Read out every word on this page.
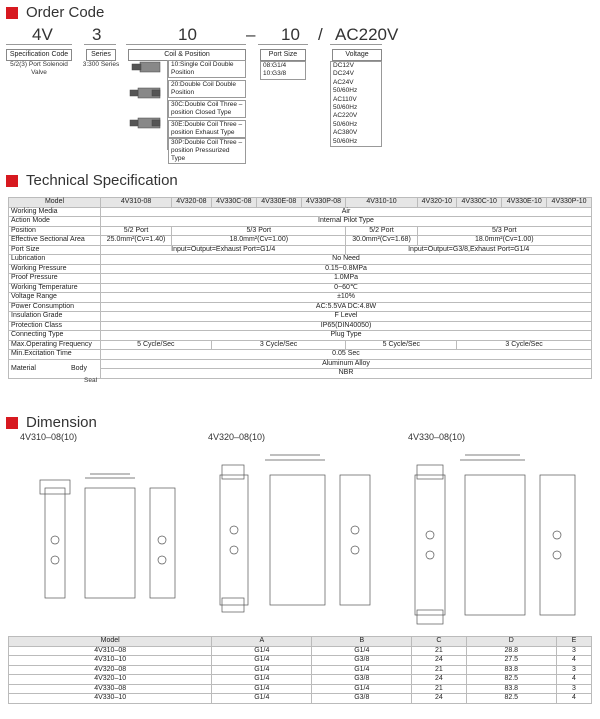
Order Code
Technical Specification
Dimension
4V 3	10	– 10 / AC220V
Specification Code	Series	Coil & Position	Port Size	Voltage
5/2(3) Port Solenoid Valve
3:300 Series	10:Single Coil Double Position
20:Double Coil Double Position
30C:Double Coil Three –position Closed Type
30E:Double Coil Three –position Exhaust Type
30P:Double Coil Three –position Pressurized Type
08:G1/4
10:G3/8
DC12V
DC24V
AC24V 50/60Hz
AC110V 50/60Hz
AC220V 50/60Hz
AC380V 50/60Hz
Model	4V310-08	4V320-08	4V330C-08	4V330E-08	4V330P-08	4V310-10	4V320-10	4V330C-10	4V330E-10	4V330P-10
Working Media	Air									
Action Mode	Internal Pilot Type									
Position	5/2 Port	5/3 Port				5/2 Port	5/3 Port			
Effective Sectional Area	25.0mm²(Cv=1.40)	18.0mm²(Cv=1.00)				30.0mm²(Cv=1.68)	18.0mm²(Cv=1.00)			
Port Size	Input=Output=Exhaust Port=G1/4					Input=Output=G3/8,Exhaust Port=G1/4				
Lubrication	No Need									
Working Pressure	0.15~0.8MPa									
Proof Pressure	1.0MPa									
Working Temperature	0~60℃									
Voltage Range	±10%									
Power Consumption	AC:5.5VA DC:4.8W									
Insulation Grade	F Level									
Protection Class	IP65(DIN40050)									
Connecting Type	Plug Type									
Max.Operating Frequency	5 Cycle/Sec		3 Cycle/Sec			5 Cycle/Sec		3 Cycle/Sec		
Min.Excitation Time	0.05 Sec									
Material Body	Aluminum Alloy									
	NBR									
Seal
4V310–08(10)	4V320–08(10)	4V330–08(10)
Model	A	B	C	D	E
4V310–08	G1/4	G1/4	21	28.8	3
4V310–10	G1/4	G3/8	24	27.5	4
4V320–08	G1/4	G1/4	21	83.8	3
4V320–10	G1/4	G3/8	24	82.5	4
4V330–08	G1/4	G1/4	21	83.8	3
4V330–10	G1/4	G3/8	24	82.5	4
